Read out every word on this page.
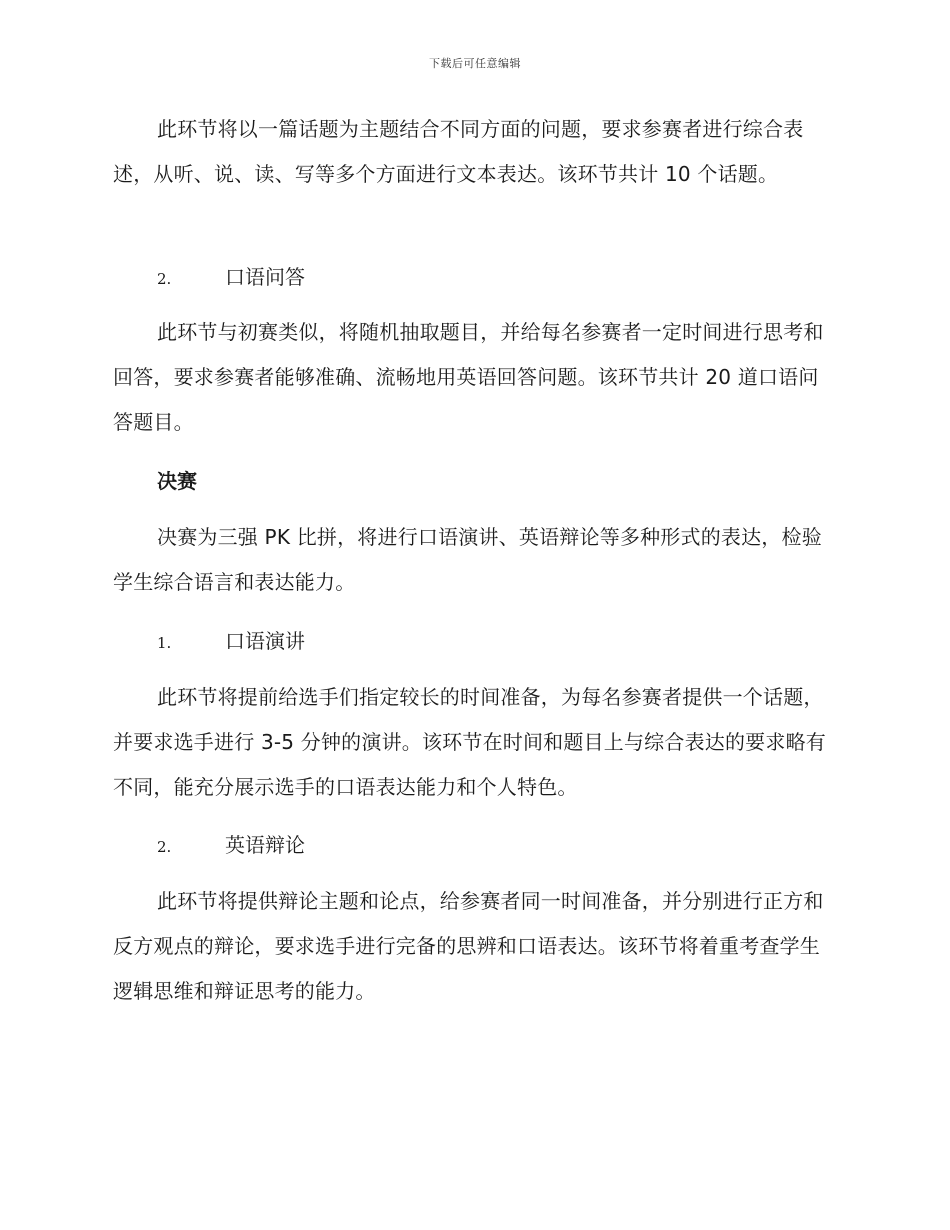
下载后可任意编辑

此环节将以一篇话题为主题结合不同方面的问题，要求参赛者进行综合表述，从听、说、读、写等多个方面进行文本表达。该环节共计 10 个话题。

2.	口语问答

此环节与初赛类似，将随机抽取题目，并给每名参赛者一定时间进行思考和回答，要求参赛者能够准确、流畅地用英语回答问题。该环节共计 20 道口语问答题目。

决赛

决赛为三强 PK 比拼，将进行口语演讲、英语辩论等多种形式的表达，检验学生综合语言和表达能力。

1.	口语演讲

此环节将提前给选手们指定较长的时间准备，为每名参赛者提供一个话题，并要求选手进行 3-5 分钟的演讲。该环节在时间和题目上与综合表达的要求略有不同，能充分展示选手的口语表达能力和个人特色。

2.	英语辩论

此环节将提供辩论主题和论点，给参赛者同一时间准备，并分别进行正方和反方观点的辩论，要求选手进行完备的思辨和口语表达。该环节将着重考查学生逻辑思维和辩证思考的能力。
